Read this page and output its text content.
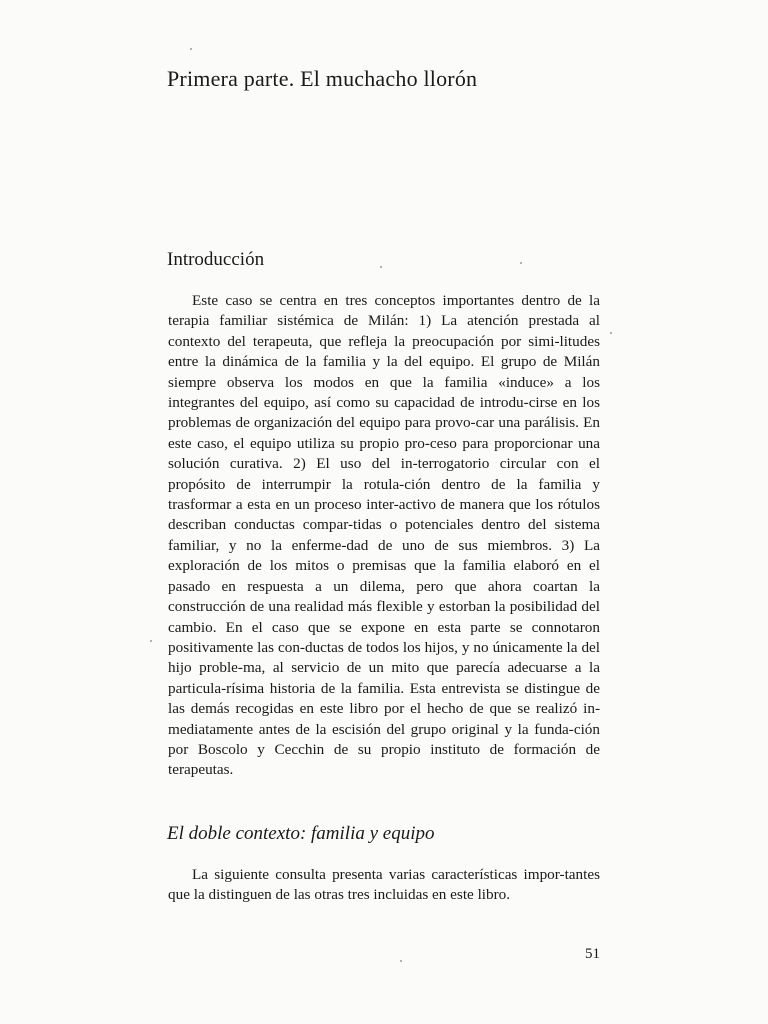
Primera parte. El muchacho llorón
Introducción

Este caso se centra en tres conceptos importantes dentro de la terapia familiar sistémica de Milán: 1) La atención prestada al contexto del terapeuta, que refleja la preocupación por simi-litudes entre la dinámica de la familia y la del equipo. El grupo de Milán siempre observa los modos en que la familia «induce» a los integrantes del equipo, así como su capacidad de introdu-cirse en los problemas de organización del equipo para provo-car una parálisis. En este caso, el equipo utiliza su propio pro-ceso para proporcionar una solución curativa. 2) El uso del in-terrogatorio circular con el propósito de interrumpir la rotula-ción dentro de la familia y trasformar a esta en un proceso inter-activo de manera que los rótulos describan conductas compar-tidas o potenciales dentro del sistema familiar, y no la enferme-dad de uno de sus miembros. 3) La exploración de los mitos o premisas que la familia elaboró en el pasado en respuesta a un dilema, pero que ahora coartan la construcción de una realidad más flexible y estorban la posibilidad del cambio. En el caso que se expone en esta parte se connotaron positivamente las con-ductas de todos los hijos, y no únicamente la del hijo proble-ma, al servicio de un mito que parecía adecuarse a la particula-rísima historia de la familia. Esta entrevista se distingue de las demás recogidas en este libro por el hecho de que se realizó in-mediatamente antes de la escisión del grupo original y la funda-ción por Boscolo y Cecchin de su propio instituto de formación de terapeutas.

El doble contexto: familia y equipo

La siguiente consulta presenta varias características impor-tantes que la distinguen de las otras tres incluidas en este libro.

51
